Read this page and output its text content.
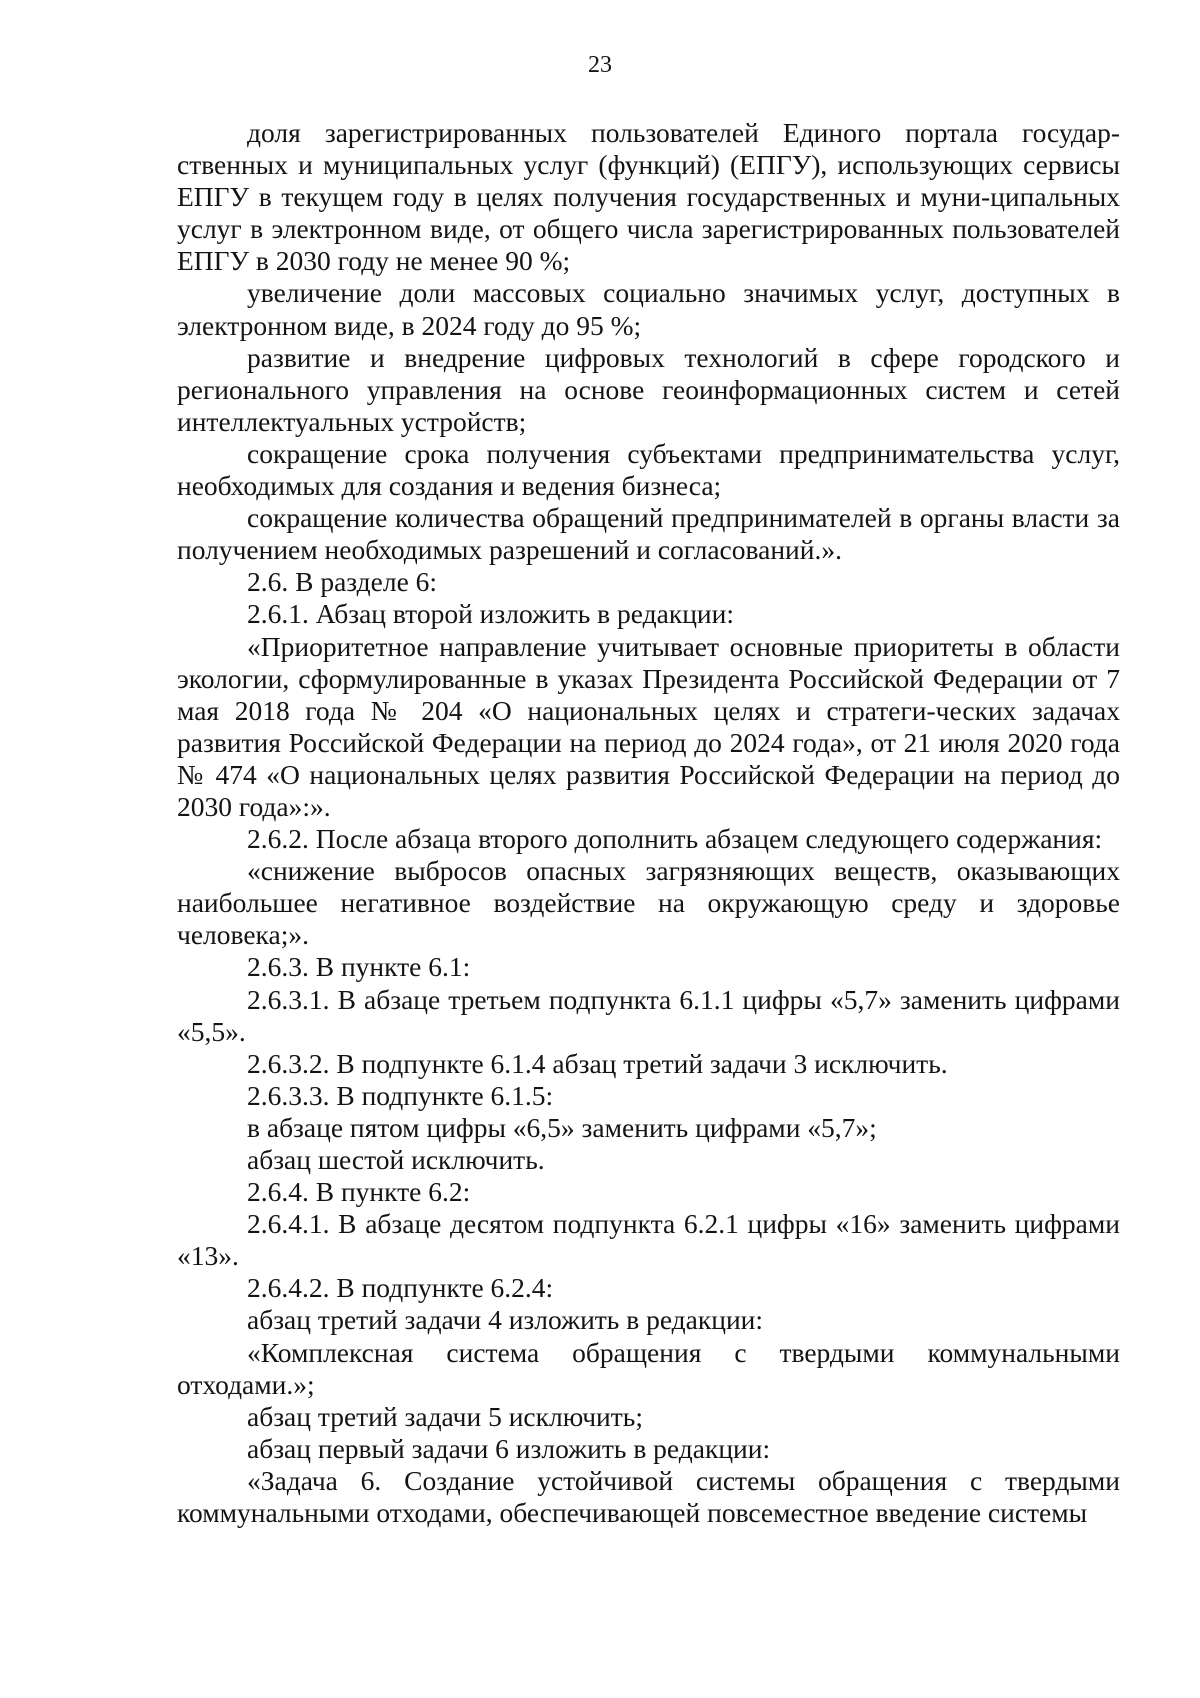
23

доля зарегистрированных пользователей Единого портала государ-ственных и муниципальных услуг (функций) (ЕПГУ), использующих сервисы ЕПГУ в текущем году в целях получения государственных и муни-ципальных услуг в электронном виде, от общего числа зарегистрированных пользователей ЕПГУ в 2030 году не менее 90 %;

увеличение доли массовых социально значимых услуг, доступных в электронном виде, в 2024 году до 95 %;

развитие и внедрение цифровых технологий в сфере городского и регионального управления на основе геоинформационных систем и сетей интеллектуальных устройств;

сокращение срока получения субъектами предпринимательства услуг, необходимых для создания и ведения бизнеса;

сокращение количества обращений предпринимателей в органы власти за получением необходимых разрешений и согласований.».

2.6. В разделе 6:

2.6.1. Абзац второй изложить в редакции:

«Приоритетное направление учитывает основные приоритеты в области экологии, сформулированные в указах Президента Российской Федерации от 7 мая 2018 года № 204 «О национальных целях и стратеги-ческих задачах развития Российской Федерации на период до 2024 года», от 21 июля 2020 года № 474 «О национальных целях развития Российской Федерации на период до 2030 года»:».

2.6.2. После абзаца второго дополнить абзацем следующего содержания:

«снижение выбросов опасных загрязняющих веществ, оказывающих наибольшее негативное воздействие на окружающую среду и здоровье человека;».

2.6.3. В пункте 6.1:

2.6.3.1. В абзаце третьем подпункта 6.1.1 цифры «5,7» заменить цифрами «5,5».

2.6.3.2. В подпункте 6.1.4 абзац третий задачи 3 исключить.

2.6.3.3. В подпункте 6.1.5:

в абзаце пятом цифры «6,5» заменить цифрами «5,7»;

абзац шестой исключить.

2.6.4. В пункте 6.2:

2.6.4.1. В абзаце десятом подпункта 6.2.1 цифры «16» заменить цифрами «13».

2.6.4.2. В подпункте 6.2.4:

абзац третий задачи 4 изложить в редакции:

«Комплексная система обращения с твердыми коммунальными отходами.»;

абзац третий задачи 5 исключить;

абзац первый задачи 6 изложить в редакции:

«Задача 6. Создание устойчивой системы обращения с твердыми коммунальными отходами, обеспечивающей повсеместное введение системы
